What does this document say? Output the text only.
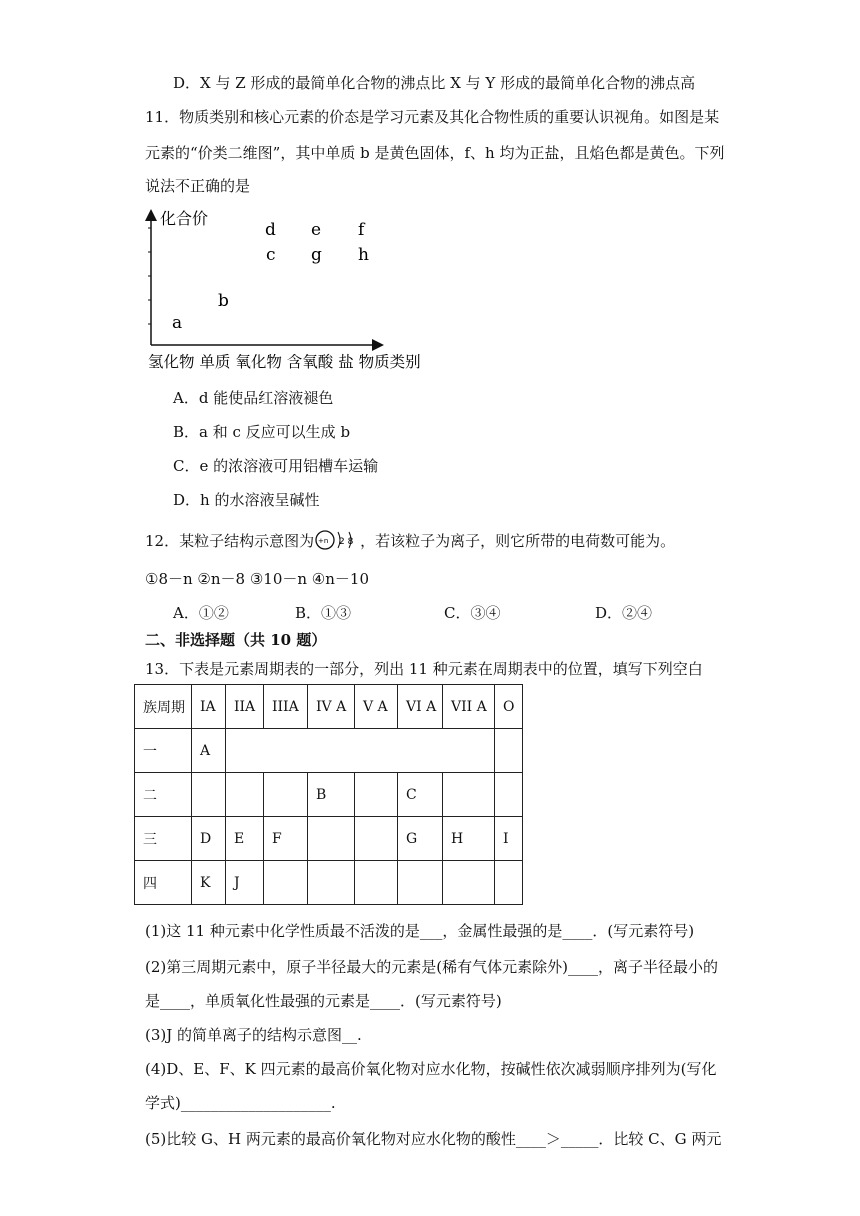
D．X 与 Z 形成的最简单化合物的沸点比 X 与 Y 形成的最简单化合物的沸点高
11．物质类别和核心元素的价态是学习元素及其化合物性质的重要认识视角。如图是某
元素的“价类二维图”，其中单质 b 是黄色固体，f、h 均为正盐，且焰色都是黄色。下列
说法不正确的是
化合价
d e f
c g h
b
a
氢化物 单质 氧化物 含氧酸 盐 物质类别
A．d 能使品红溶液褪色
B．a 和 c 反应可以生成 b
C．e 的浓溶液可用铝槽车运输
D．h 的水溶液呈碱性
12．某粒子结构示意图为 +n 2 8 ，若该粒子为离子，则它所带的电荷数可能为。
①8－n ②n－8 ③10－n ④n－10
A．①②	B．①③	C．③④	D．②④
二、非选择题（共 10 题）
13．下表是元素周期表的一部分，列出 11 种元素在周期表中的位置，填写下列空白
族周期	IA	IIA	IIIA	IV A	V A	VI A	VII A	O
一	A							
二				B		C		
三	D	E	F			G	H	I
四	K	J						
(1)这 11 种元素中化学性质最不活泼的是___，金属性最强的是____．(写元素符号)
(2)第三周期元素中，原子半径最大的元素是(稀有气体元素除外)____，离子半径最小的
是____，单质氧化性最强的元素是____．(写元素符号)
(3)J 的简单离子的结构示意图__.
(4)D、E、F、K 四元素的最高价氧化物对应水化物，按碱性依次减弱顺序排列为(写化
学式)____________________.
(5)比较 G、H 两元素的最高价氧化物对应水化物的酸性____＞_____．比较 C、G 两元
